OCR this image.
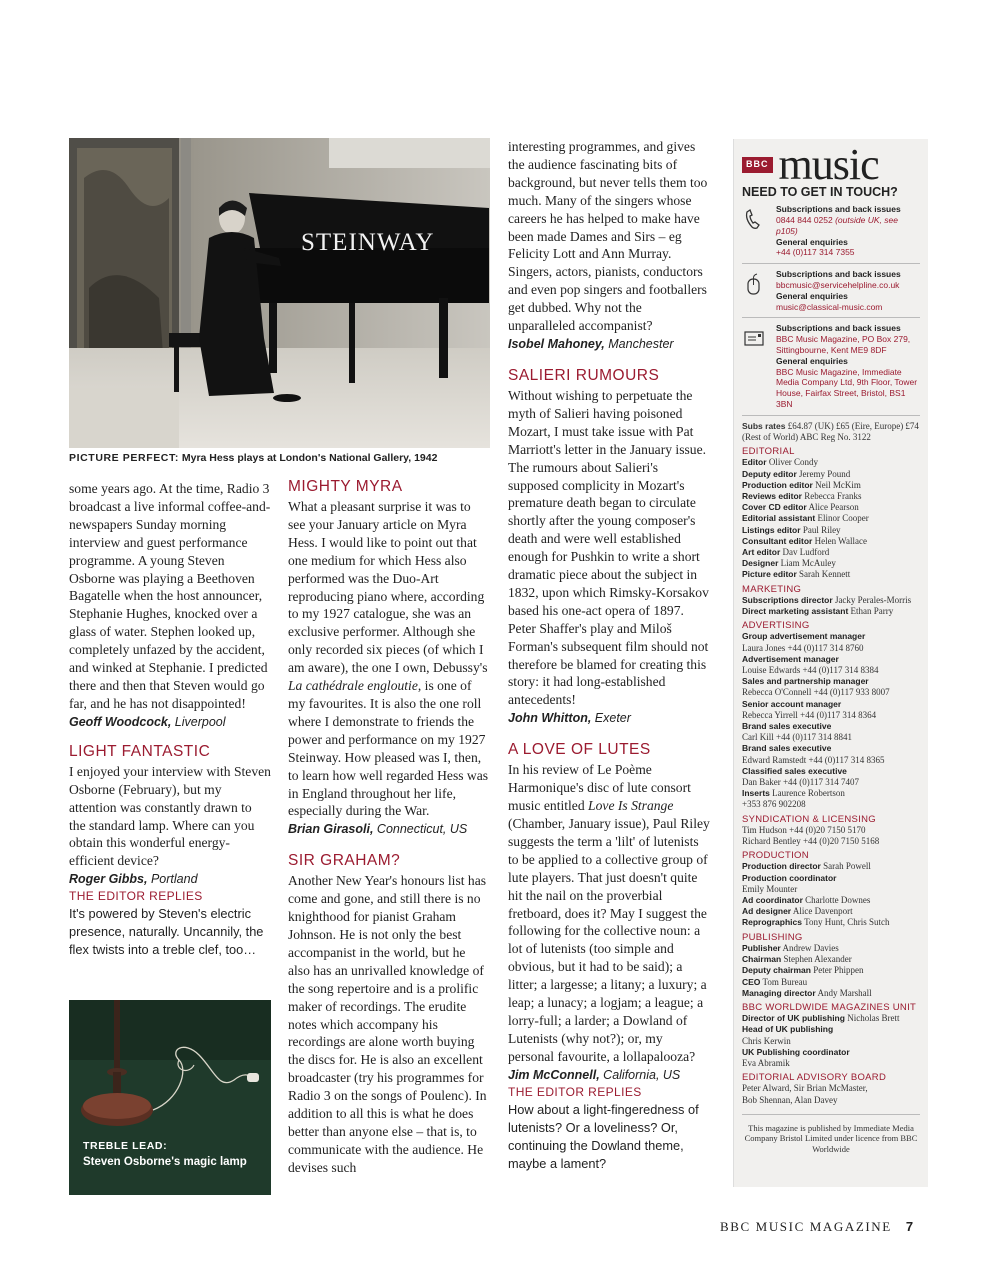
STEINWAY
PICTURE PERFECT: Myra Hess plays at London's National Gallery, 1942
TREBLE LEAD:
Steven Osborne's magic lamp

some years ago. At the time, Radio 3 broadcast a live informal coffee-and-newspapers Sunday morning interview and guest performance programme. A young Steven Osborne was playing a Beethoven Bagatelle when the host announcer, Stephanie Hughes, knocked over a glass of water. Stephen looked up, completely unfazed by the accident, and winked at Stephanie. I predicted there and then that Steven would go far, and he has not disappointed!

Geoff Woodcock, Liverpool
LIGHT FANTASTIC

I enjoyed your interview with Steven Osborne (February), but my attention was constantly drawn to the standard lamp. Where can you obtain this wonderful energy-efficient device?

Roger Gibbs, Portland
THE EDITOR REPLIES
It's powered by Steven's electric presence, naturally. Uncannily, the flex twists into a treble clef, too…
MIGHTY MYRA

What a pleasant surprise it was to see your January article on Myra Hess. I would like to point out that one medium for which Hess also performed was the Duo-Art reproducing piano where, according to my 1927 catalogue, she was an exclusive performer. Although she only recorded six pieces (of which I am aware), the one I own, Debussy's La cathédrale engloutie, is one of my favourites. It is also the one roll where I demonstrate to friends the power and performance on my 1927 Steinway. How pleased was I, then, to learn how well regarded Hess was in England throughout her life, especially during the War.

Brian Girasoli, Connecticut, US
SIR GRAHAM?

Another New Year's honours list has come and gone, and still there is no knighthood for pianist Graham Johnson. He is not only the best accompanist in the world, but he also has an unrivalled knowledge of the song repertoire and is a prolific maker of recordings. The erudite notes which accompany his recordings are alone worth buying the discs for. He is also an excellent broadcaster (try his programmes for Radio 3 on the songs of Poulenc). In addition to all this is what he does better than anyone else – that is, to communicate with the audience. He devises such

interesting programmes, and gives the audience fascinating bits of background, but never tells them too much. Many of the singers whose careers he has helped to make have been made Dames and Sirs – eg Felicity Lott and Ann Murray. Singers, actors, pianists, conductors and even pop singers and footballers get dubbed. Why not the unparalleled accompanist?

Isobel Mahoney, Manchester
SALIERI RUMOURS

Without wishing to perpetuate the myth of Salieri having poisoned Mozart, I must take issue with Pat Marriott's letter in the January issue. The rumours about Salieri's supposed complicity in Mozart's premature death began to circulate shortly after the young composer's death and were well established enough for Pushkin to write a short dramatic piece about the subject in 1832, upon which Rimsky-Korsakov based his one-act opera of 1897. Peter Shaffer's play and Miloš Forman's subsequent film should not therefore be blamed for creating this story: it had long-established antecedents!

John Whitton, Exeter
A LOVE OF LUTES

In his review of Le Poème Harmonique's disc of lute consort music entitled Love Is Strange (Chamber, January issue), Paul Riley suggests the term a 'lilt' of lutenists to be applied to a collective group of lute players. That just doesn't quite hit the nail on the proverbial fretboard, does it? May I suggest the following for the collective noun: a lot of lutenists (too simple and obvious, but it had to be said); a litter; a largesse; a litany; a luxury; a leap; a lunacy; a logjam; a league; a lorry-full; a larder; a Dowland of Lutenists (why not?); or, my personal favourite, a lollapalooza?

Jim McConnell, California, US
THE EDITOR REPLIES
How about a light-fingeredness of lutenists? Or a loveliness? Or, continuing the Dowland theme, maybe a lament?
BBC music
NEED TO GET IN TOUCH?
Subscriptions and back issues
0844 844 0252 (outside UK, see p105)
General enquiries
+44 (0)117 314 7355
Subscriptions and back issues
bbcmusic@servicehelpline.co.uk
General enquiries
music@classical-music.com
Subscriptions and back issues
BBC Music Magazine, PO Box 279, Sittingbourne, Kent ME9 8DF
General enquiries
BBC Music Magazine, Immediate Media Company Ltd, 9th Floor, Tower House, Fairfax Street, Bristol, BS1 3BN
Subs rates £64.87 (UK) £65 (Eire, Europe) £74 (Rest of World) ABC Reg No. 3122
EDITORIAL
Editor Oliver Condy
Deputy editor Jeremy Pound
Production editor Neil McKim
Reviews editor Rebecca Franks
Cover CD editor Alice Pearson
Editorial assistant Elinor Cooper
Listings editor Paul Riley
Consultant editor Helen Wallace
Art editor Dav Ludford
Designer Liam McAuley
Picture editor Sarah Kennett
MARKETING
Subscriptions director Jacky Perales-Morris
Direct marketing assistant Ethan Parry
ADVERTISING
Group advertisement manager
Laura Jones +44 (0)117 314 8760
Advertisement manager
Louise Edwards +44 (0)117 314 8384
Sales and partnership manager
Rebecca O'Connell +44 (0)117 933 8007
Senior account manager
Rebecca Yirrell +44 (0)117 314 8364
Brand sales executive
Carl Kill +44 (0)117 314 8841
Brand sales executive
Edward Ramstedt +44 (0)117 314 8365
Classified sales executive
Dan Baker +44 (0)117 314 7407
Inserts Laurence Robertson
+353 876 902208
SYNDICATION & LICENSING
Tim Hudson +44 (0)20 7150 5170
Richard Bentley +44 (0)20 7150 5168
PRODUCTION
Production director Sarah Powell
Production coordinator
Emily Mounter
Ad coordinator Charlotte Downes
Ad designer Alice Davenport
Reprographics Tony Hunt, Chris Sutch
PUBLISHING
Publisher Andrew Davies
Chairman Stephen Alexander
Deputy chairman Peter Phippen
CEO Tom Bureau
Managing director Andy Marshall
BBC WORLDWIDE MAGAZINES UNIT
Director of UK publishing Nicholas Brett
Head of UK publishing
Chris Kerwin
UK Publishing coordinator
Eva Abramik
EDITORIAL ADVISORY BOARD
Peter Alward, Sir Brian McMaster,
Bob Shennan, Alan Davey
This magazine is published by Immediate Media Company Bristol Limited under licence from BBC Worldwide
BBC MUSIC MAGAZINE 7
